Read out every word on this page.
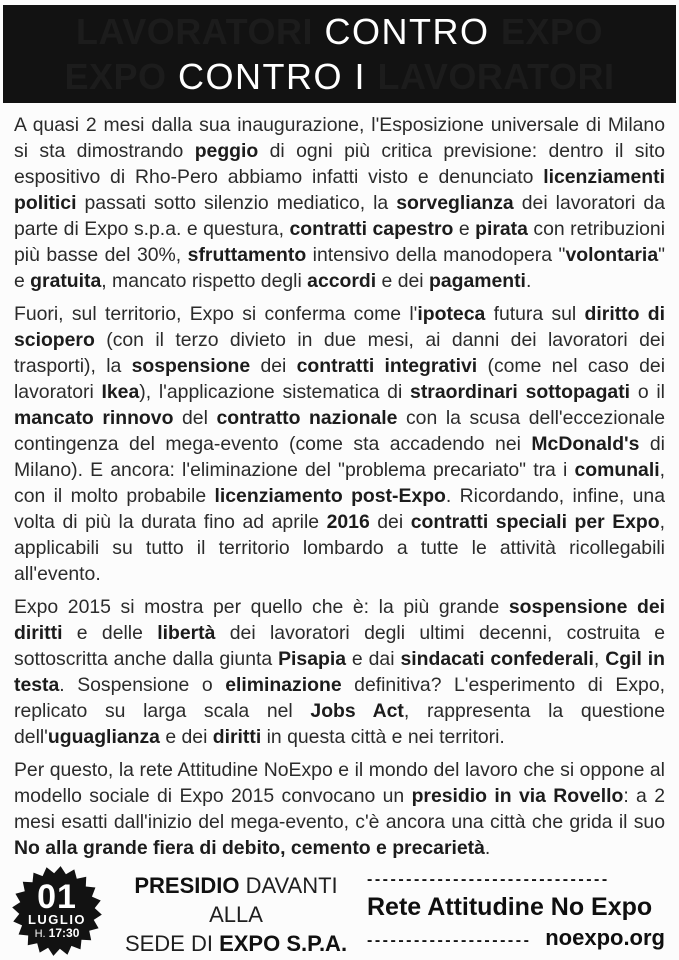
LAVORATORI CONTRO EXPO
EXPO CONTRO I LAVORATORI

A quasi 2 mesi dalla sua inaugurazione, l'Esposizione universale di Milano si sta dimostrando peggio di ogni più critica previsione: dentro il sito espositivo di Rho-Pero abbiamo infatti visto e denunciato licenziamenti politici passati sotto silenzio mediatico, la sorveglianza dei lavoratori da parte di Expo s.p.a. e questura, contratti capestro e pirata con retribuzioni più basse del 30%, sfruttamento intensivo della manodopera "volontaria" e gratuita, mancato rispetto degli accordi e dei pagamenti.

Fuori, sul territorio, Expo si conferma come l'ipoteca futura sul diritto di sciopero (con il terzo divieto in due mesi, ai danni dei lavoratori dei trasporti), la sospensione dei contratti integrativi (come nel caso dei lavoratori Ikea), l'applicazione sistematica di straordinari sottopagati o il mancato rinnovo del contratto nazionale con la scusa dell'eccezionale contingenza del mega-evento (come sta accadendo nei McDonald's di Milano). E ancora: l'eliminazione del "problema precariato" tra i comunali, con il molto probabile licenziamento post-Expo. Ricordando, infine, una volta di più la durata fino ad aprile 2016 dei contratti speciali per Expo, applicabili su tutto il territorio lombardo a tutte le attività ricollegabili all'evento.

Expo 2015 si mostra per quello che è: la più grande sospensione dei diritti e delle libertà dei lavoratori degli ultimi decenni, costruita e sottoscritta anche dalla giunta Pisapia e dai sindacati confederali, Cgil in testa. Sospensione o eliminazione definitiva? L'esperimento di Expo, replicato su larga scala nel Jobs Act, rappresenta la questione dell'uguaglianza e dei diritti in questa città e nei territori.

Per questo, la rete Attitudine NoExpo e il mondo del lavoro che si oppone al modello sociale di Expo 2015 convocano un presidio in via Rovello: a 2 mesi esatti dall'inizio del mega-evento, c'è ancora una città che grida il suo No alla grande fiera di debito, cemento e precarietà.

01
LUGLIO
H. 17:30
PRESIDIO DAVANTI ALLA
SEDE DI EXPO S.P.A.
-------------------------------
Rete Attitudine No Expo
--------------------- noexpo.org
